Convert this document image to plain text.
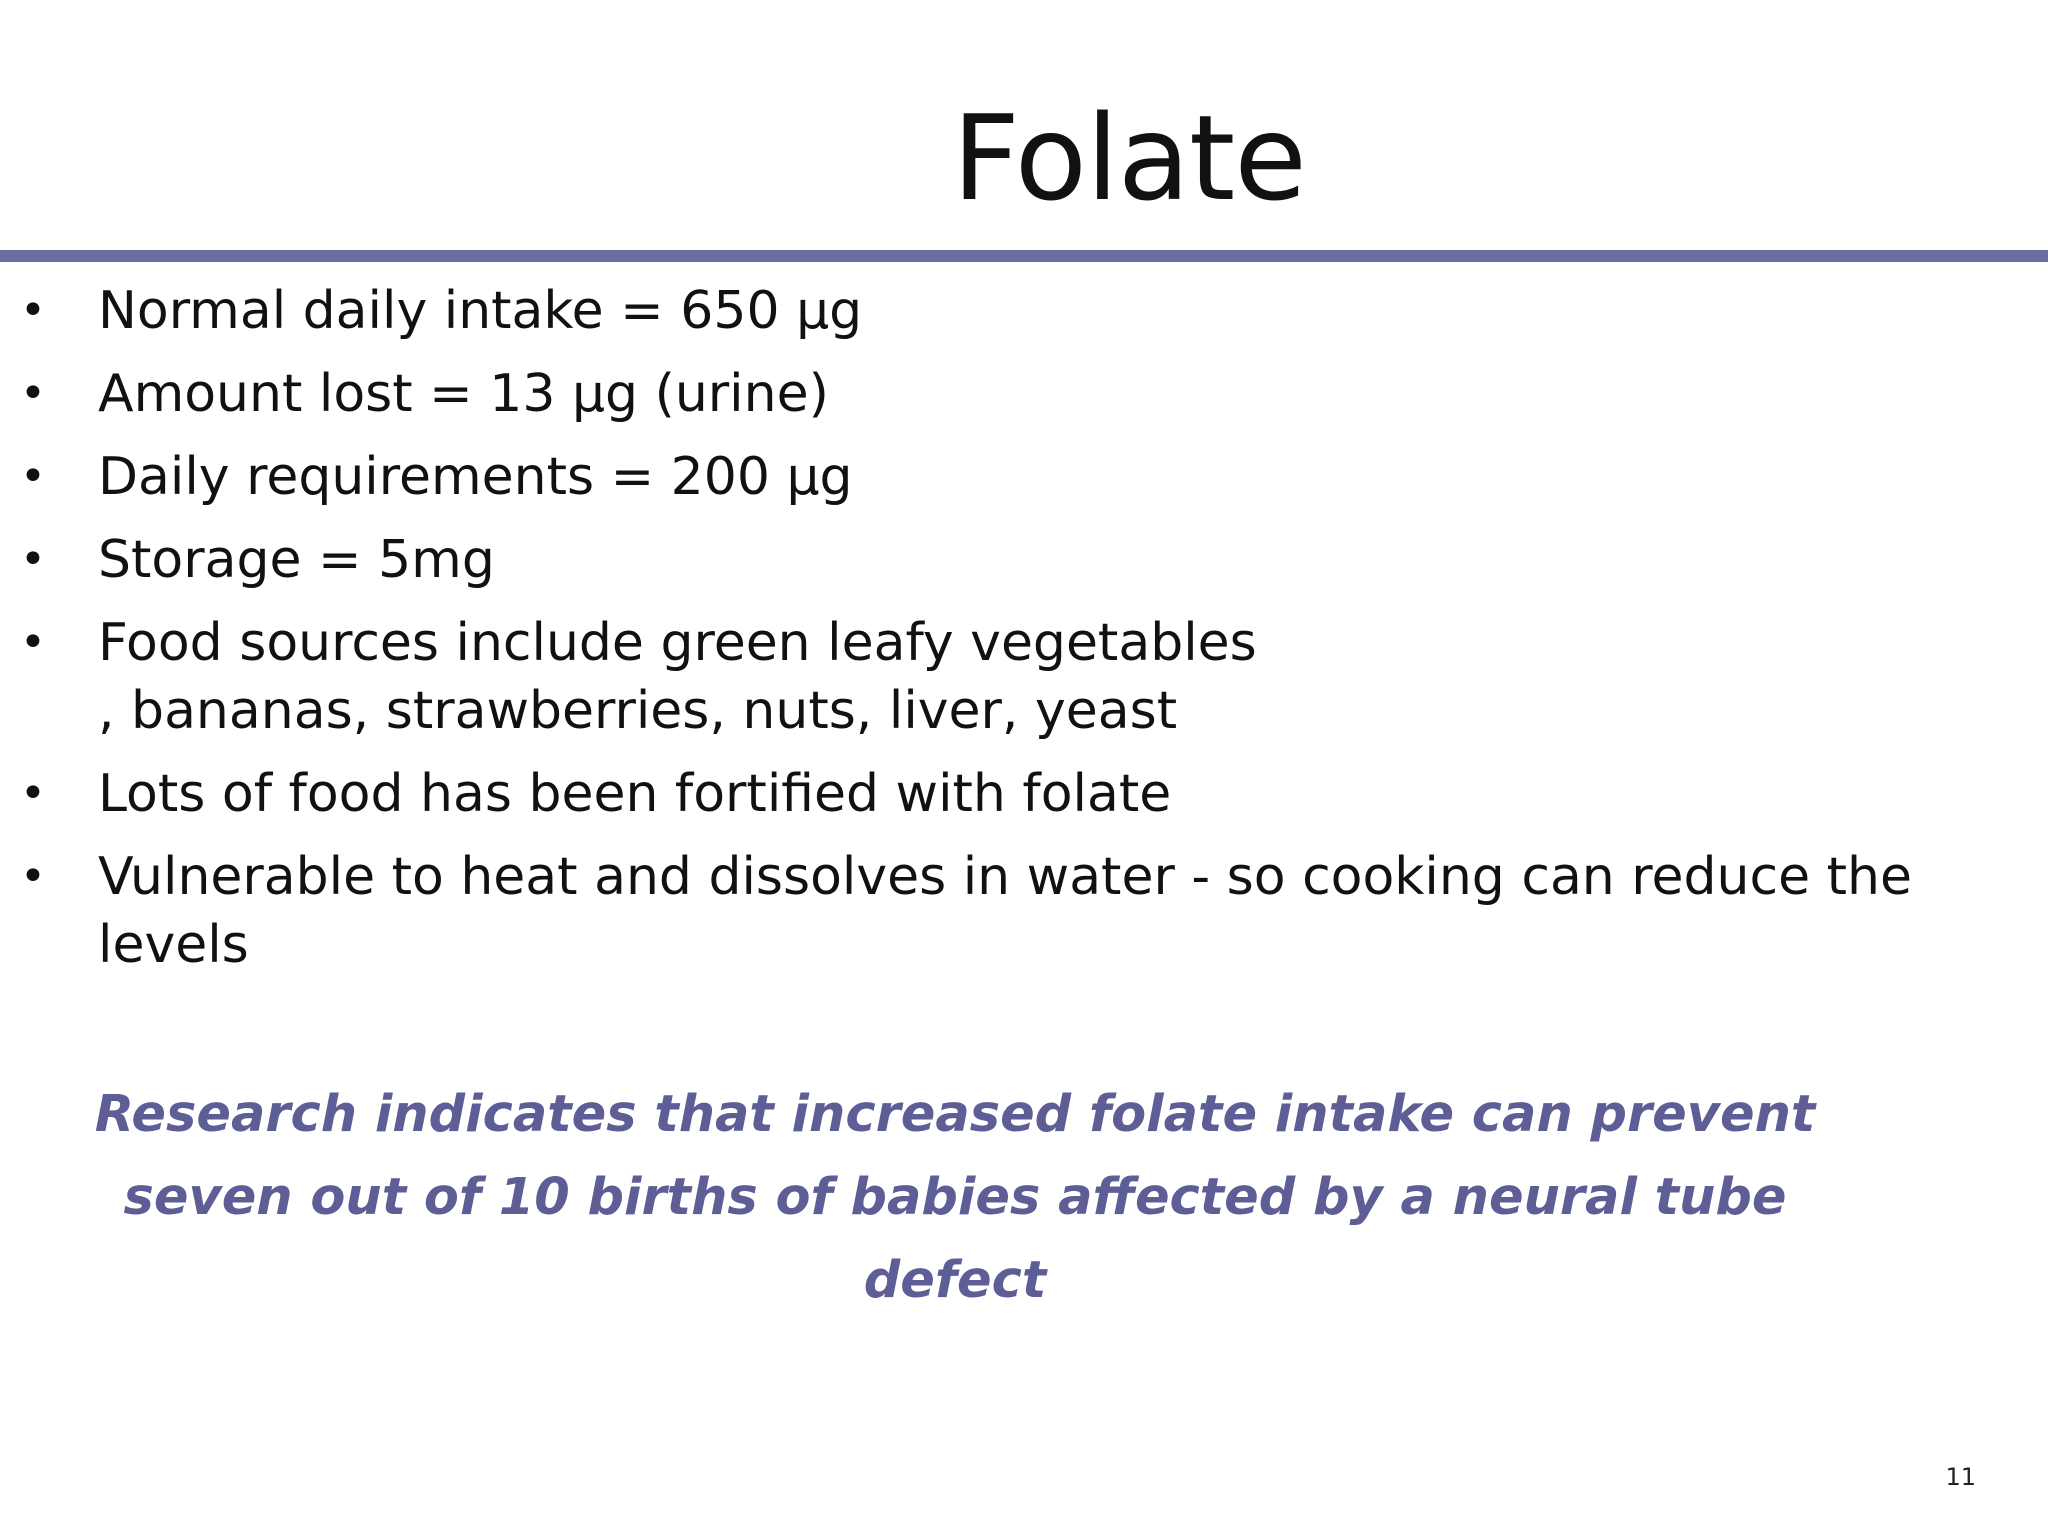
Folate
• Normal daily intake = 650 µg
• Amount lost = 13 µg (urine)
• Daily requirements = 200 µg
• Storage = 5mg
• Food sources include green leafy vegetables
, bananas, strawberries, nuts, liver, yeast
• Lots of food has been fortified with folate
• Vulnerable to heat and dissolves in water - so cooking can reduce the
levels
Research indicates that increased folate intake can prevent
seven out of 10 births of babies affected by a neural tube defect
11
